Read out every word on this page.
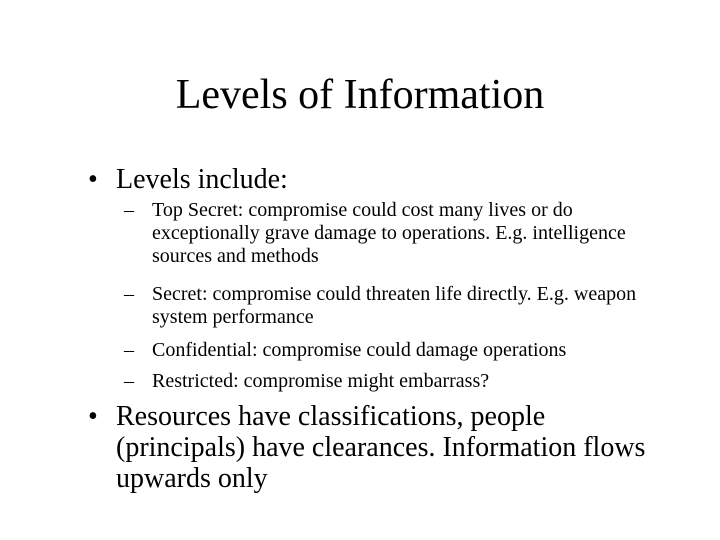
Levels of Information
• Levels include:
– Top Secret: compromise could cost many lives or do exceptionally grave damage to operations. E.g. intelligence sources and methods
– Secret: compromise could threaten life directly. E.g. weapon system performance
– Confidential: compromise could damage operations
– Restricted: compromise might embarrass?
• Resources have classifications, people (principals) have clearances. Information flows upwards only
